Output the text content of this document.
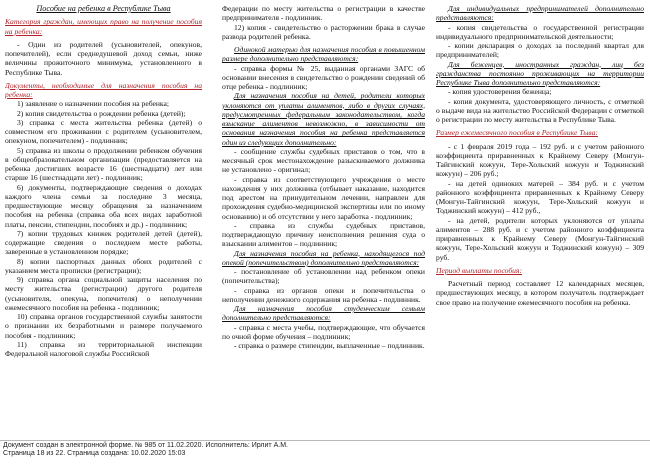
Пособие на ребенка в Республике Тыва

Категория граждан, имеющих право на получение пособия на ребенка:

- Один из родителей (усыновителей, опекунов, попечителей), если среднедушевой доход семьи, ниже величины прожиточного минимума, установленного в Республике Тыва.

Документы, необходимые для назначения пособия на ребенка:

1) заявление о назначении пособия на ребенка;

2) копия свидетельства о рождении ребенка (детей);

3) справка с места жительства ребенка (детей) о совместном его проживании с родителем (усыновителем, опекуном, попечителем) - подлинник;

5) справка из школы о продолжении ребенком обучения в общеобразовательном организации (предоставляется на ребенка достигших возрасте 16 (шестнадцати) лет или старше 16 (шестнадцати лет) - подлинник;

6) документы, подтверждающие сведения о доходах каждого члена семьи за последние 3 месяца, предшествующие месяцу обращения за назначением пособия на ребенка (справка оба всех видах заработной платы, пенсии, стипендии, пособиях и др.) - подлинник;

7) копии трудовых книжек родителей детей (детей), содержащие сведения о последнем месте работы, заверенные в установленном порядке;

8) копии паспортных данных обоих родителей с указанием места прописки (регистрации);

9) справка органа социальной защиты населения по месту жительства (регистрации) другого родителя (усыновителя, опекуна, попечителя) о неполучении ежемесячного пособия на ребенка - подлинник;

10) справка органов государственной службы занятости о признании их безработными и размере получаемого пособия - подлинник;

11) справка из территориальной инспекции Федеральной налоговой службы Российской

Федерации по месту жительства о регистрации в качестве предпринимателя - подлинник.

12) копия - свидетельство о расторжении брака в случае развода родителей ребенка.

Одинокой матерью для назначения пособия в повышенном размере дополнительно представляются:

- справка формы № 25, выданная органами ЗАГС об основании внесения в свидетельство о рождении сведений об отце ребенка - подлинник;

Для назначения пособия на детей, родители которых уклоняются от уплаты алиментов, либо в других случаях, предусмотренных федеральным законодательством, когда взыскание алиментов невозможно, в зависимости от основания назначения пособия на ребенка представляется один из следующих дополнительно:

- сообщение службы судебных приставов о том, что в месячный срок местонахождение разыскиваемого должника не установлено - оригинал;

- справка из соответствующего учреждения о месте нахождения у них должника (отбывает наказание, находится под арестом на принудительном лечении, направлен для прохождения судебно-медицинской экспертизы или по иному основанию) и об отсутствии у него заработка - подлинник;

- справка из службы судебных приставов, подтверждающую причину неисполнения решения суда о взыскании алиментов – подлинник;

Для назначения пособия на ребенка, находящегося под опекой (попечительством) дополнительно представляются:

- постановление об установлении над ребенком опеки (попечительства);

- справка из органов опеки и попечительства о неполучении денежного содержания на ребенка - подлинник.

Для назначения пособия студенческим семьям дополнительно представляются:

- справка с места учебы, подтверждающие, что обучается по очной форме обучения – подлинник;

- справка о размере стипендии, выплаченные – подлинник.

Для индивидуальных предпринимателей дополнительно представляются:

- копия свидетельства о государственной регистрации индивидуального предпринимательской деятельности;

- копии декларация о доходах за последний квартал для предпринимателей;

Для беженцев, иностранных граждан, лиц без гражданства постоянно проживающих на территории Республике Тыва дополнительно представляются:

- копия удостоверения беженца;

- копия документа, удостоверяющего личность, с отметкой о выдаче вида на жительство Российской Федерации с отметкой о регистрации по месту жительства в Республике Тыва.

Размер ежемесячного пособия в Республике Тыва:

- с 1 февраля 2019 года – 192 руб. и с учетом районного коэффициента приравненных к Крайнему Северу (Монгун-Тайгинский кожуун, Тере-Хольский кожуун и Тоджинский кожуун) – 206 руб.;

- на детей одиноких матерей – 384 руб. и с учетом районного коэффициента приравненных к Крайнему Северу (Монгун-Тайгинский кожуун, Тере-Хольский кожуун и Тоджинский кожуун) – 412 руб.,

- на детей, родители которых уклоняются от уплаты алиментов – 288 руб. и с учетом районного коэффициента приравненных к Крайнему Северу (Монгун-Тайгинский кожуун, Тере-Хольский кожуун и Тоджинский кожуун) – 309 руб.

Период выплаты пособия:

Расчетный период составляет 12 календарных месяцев, предшествующих месяцу, в котором получатель подтверждает свое право на получение ежемесячного пособия на ребенка.

Документ создан в электронной форме. № 985 от 11.02.2020. Исполнитель: Ирлит А.М.
Страница 18 из 22. Страница создана: 10.02.2020 15:03
